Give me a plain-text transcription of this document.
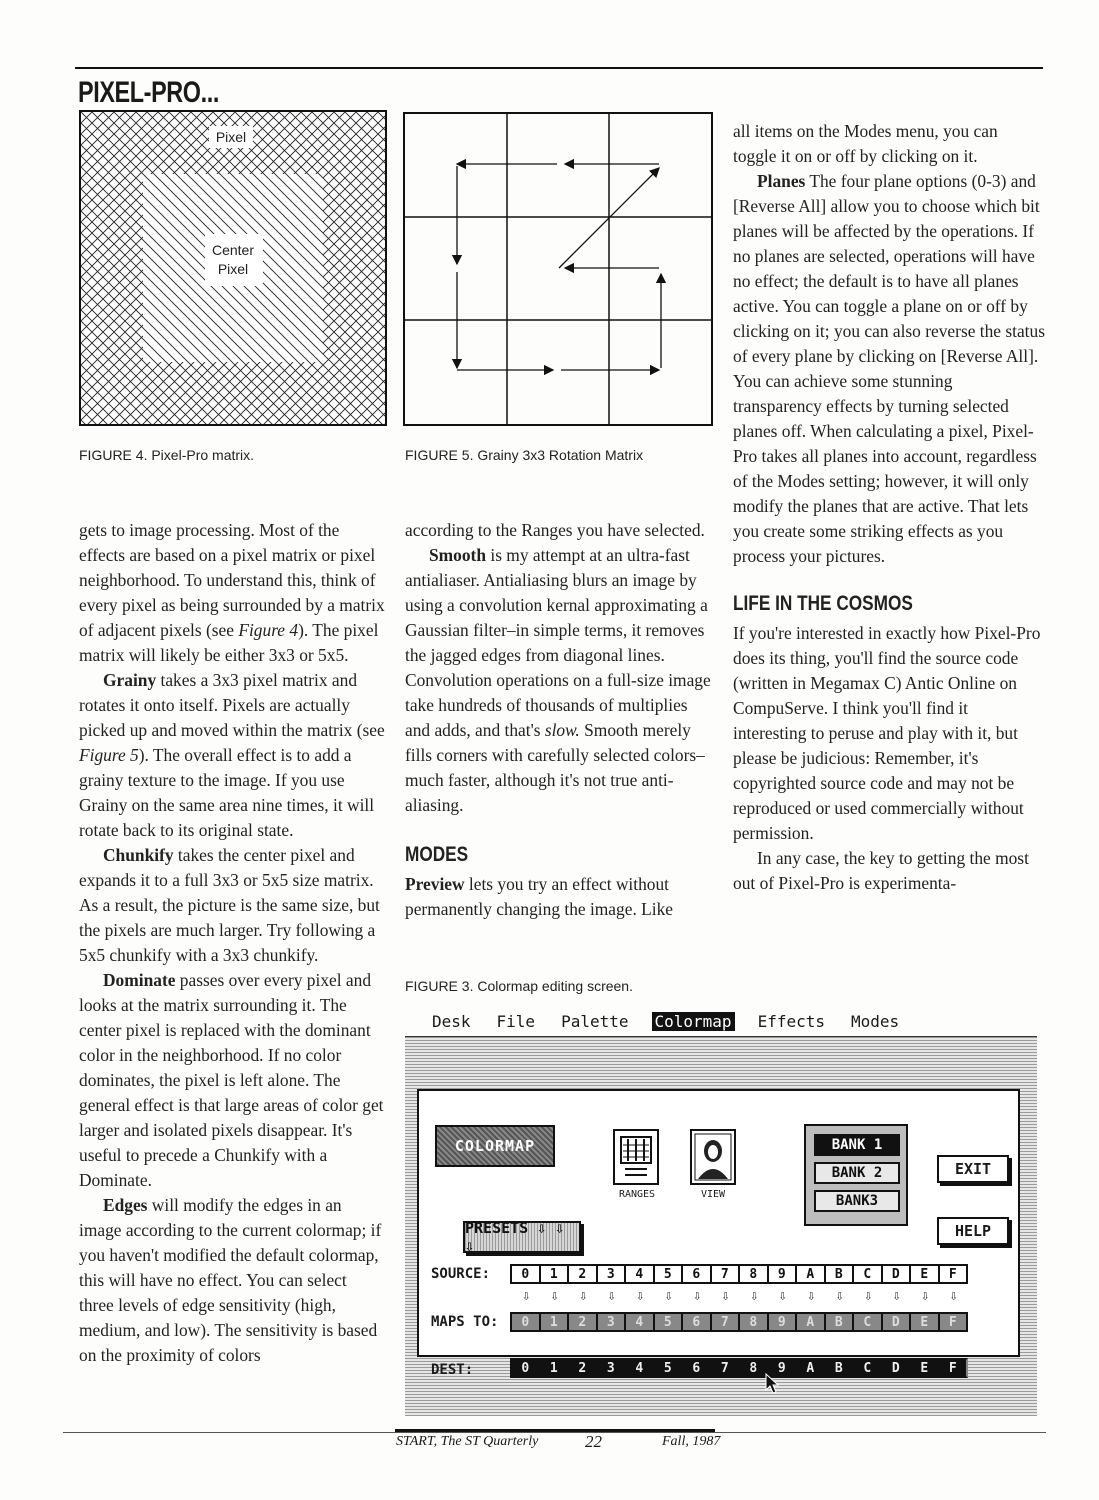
PIXEL-PRO...
Pixel
Center
Pixel
FIGURE 4. Pixel-Pro matrix.	FIGURE 5. Grainy 3x3 Rotation Matrix

gets to image processing. Most of the effects are based on a pixel matrix or pixel neighborhood. To understand this, think of every pixel as being surrounded by a matrix of adjacent pixels (see Figure 4). The pixel matrix will likely be either 3x3 or 5x5.

Grainy takes a 3x3 pixel matrix and rotates it onto itself. Pixels are actually picked up and moved within the matrix (see Figure 5). The overall effect is to add a grainy texture to the image. If you use Grainy on the same area nine times, it will rotate back to its original state.

Chunkify takes the center pixel and expands it to a full 3x3 or 5x5 size matrix. As a result, the picture is the same size, but the pixels are much larger. Try following a 5x5 chunkify with a 3x3 chunkify.

Dominate passes over every pixel and looks at the matrix surrounding it. The center pixel is replaced with the dominant color in the neighborhood. If no color dominates, the pixel is left alone. The general effect is that large areas of color get larger and isolated pixels disappear. It's useful to precede a Chunkify with a Dominate.

Edges will modify the edges in an image according to the current colormap; if you haven't modified the default colormap, this will have no effect. You can select three levels of edge sensitivity (high, medium, and low). The sensitivity is based on the proximity of colors

according to the Ranges you have selected.

Smooth is my attempt at an ultra-fast antialiaser. Antialiasing blurs an image by using a convolution kernal approximating a Gaussian filter–in simple terms, it removes the jagged edges from diagonal lines. Convolution operations on a full-size image take hundreds of thousands of multiplies and adds, and that's slow. Smooth merely fills corners with carefully selected colors–much faster, although it's not true anti-aliasing.

MODES

Preview lets you try an effect without permanently changing the image. Like

all items on the Modes menu, you can toggle it on or off by clicking on it.

Planes The four plane options (0-3) and [Reverse All] allow you to choose which bit planes will be affected by the operations. If no planes are selected, operations will have no effect; the default is to have all planes active. You can toggle a plane on or off by clicking on it; you can also reverse the status of every plane by clicking on [Reverse All]. You can achieve some stunning transparency effects by turning selected planes off. When calculating a pixel, Pixel-Pro takes all planes into account, regardless of the Modes setting; however, it will only modify the planes that are active. That lets you create some striking effects as you process your pictures.

LIFE IN THE COSMOS

If you're interested in exactly how Pixel-Pro does its thing, you'll find the source code (written in Megamax C) Antic Online on CompuServe. I think you'll find it interesting to peruse and play with it, but please be judicious: Remember, it's copyrighted source code and may not be reproduced or used commercially without permission.

In any case, the key to getting the most out of Pixel-Pro is experimenta-

FIGURE 3. Colormap editing screen.
Desk File Palette Colormap Effects Modes
COLORMAP
RANGES	VIEW
BANK 1
BANK 2
BANK3
EXIT
HELP
PRESETS ⇩ ⇩ ⇩
SOURCE:	0	1	2	3	4	5	6	7	8	9	A	B	C	D	E	F
⇩	⇩	⇩	⇩	⇩	⇩	⇩	⇩	⇩	⇩	⇩	⇩	⇩	⇩	⇩	⇩
MAPS TO:	0	1	2	3	4	5	6	7	8	9	A	B	C	D	E	F
DEST:	0	1	2	3	4	5	6	7	8	9	A	B	C	D	E	F
START, The ST Quarterly	22	Fall, 1987
